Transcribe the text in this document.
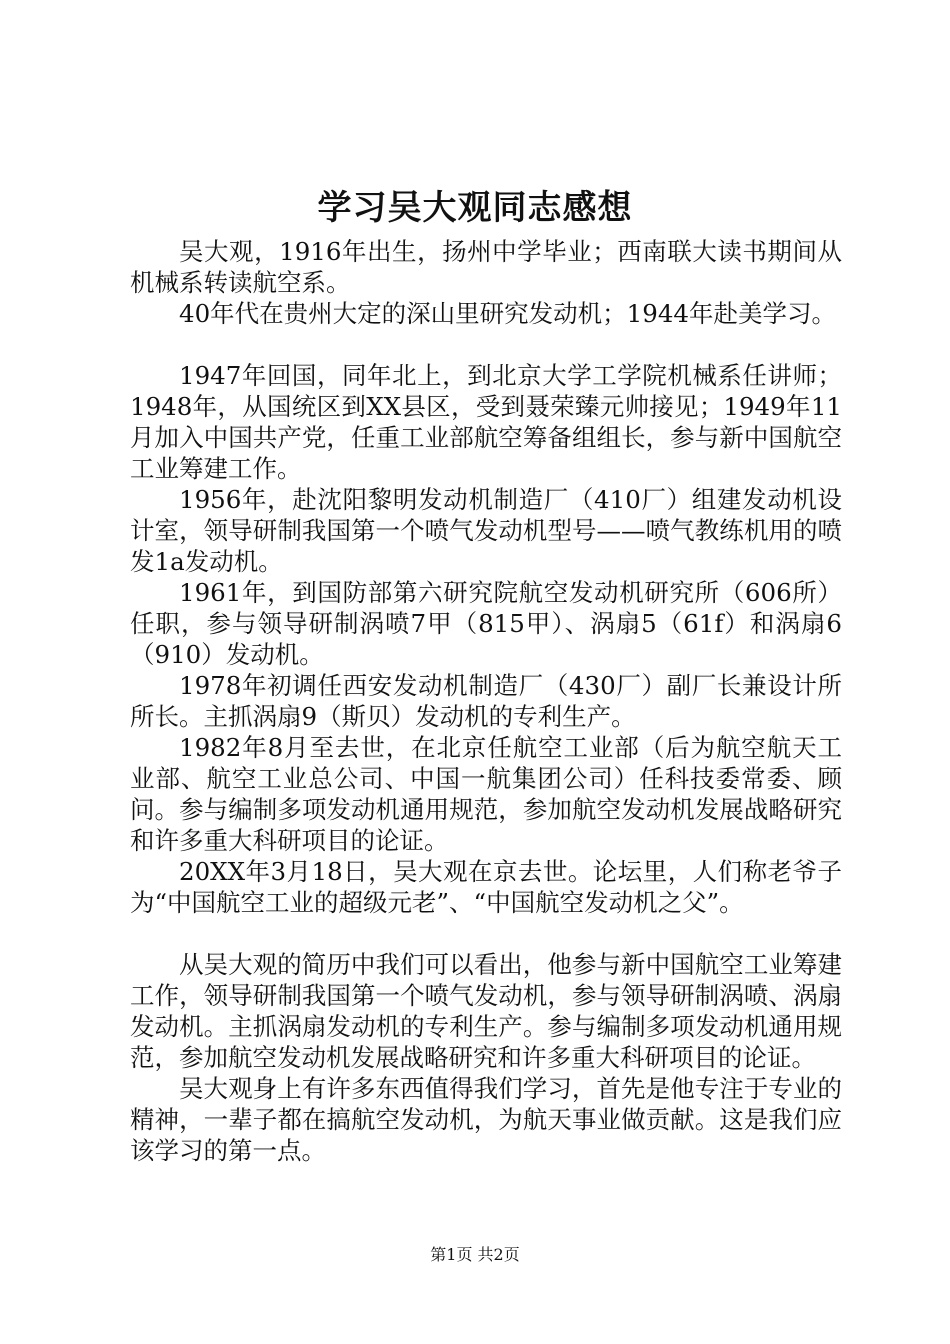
学习吴大观同志感想

吴大观，1916年出生，扬州中学毕业；西南联大读书期间从机械系转读航空系。

40年代在贵州大定的深山里研究发动机；1944年赴美学习。

1947年回国，同年北上，到北京大学工学院机械系任讲师；1948年，从国统区到XX县区，受到聂荣臻元帅接见；1949年11月加入中国共产党，任重工业部航空筹备组组长，参与新中国航空工业筹建工作。

1956年，赴沈阳黎明发动机制造厂（410厂）组建发动机设计室，领导研制我国第一个喷气发动机型号——喷气教练机用的喷发1a发动机。

1961年，到国防部第六研究院航空发动机研究所（606所）任职，参与领导研制涡喷7甲（815甲）、涡扇5（61f）和涡扇6（910）发动机。

1978年初调任西安发动机制造厂（430厂）副厂长兼设计所所长。主抓涡扇9（斯贝）发动机的专利生产。

1982年8月至去世，在北京任航空工业部（后为航空航天工业部、航空工业总公司、中国一航集团公司）任科技委常委、顾问。参与编制多项发动机通用规范，参加航空发动机发展战略研究和许多重大科研项目的论证。

20XX年3月18日，吴大观在京去世。论坛里，人们称老爷子为“中国航空工业的超级元老”、“中国航空发动机之父”。

从吴大观的简历中我们可以看出，他参与新中国航空工业筹建工作，领导研制我国第一个喷气发动机，参与领导研制涡喷、涡扇发动机。主抓涡扇发动机的专利生产。参与编制多项发动机通用规范，参加航空发动机发展战略研究和许多重大科研项目的论证。

吴大观身上有许多东西值得我们学习，首先是他专注于专业的精神，一辈子都在搞航空发动机，为航天事业做贡献。这是我们应该学习的第一点。

第1页 共2页
